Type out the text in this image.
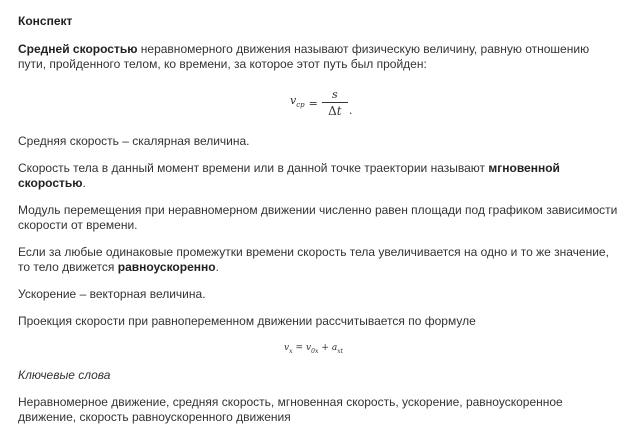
Конспект

Средней скоростью неравномерного движения называют физическую величину, равную отношению пути, пройденного телом, ко времени, за которое этот путь был пройден:

$v_{ср} = \frac{s}{\Delta t}$ .

Средняя скорость – скалярная величина.

Скорость тела в данный момент времени или в данной точке траектории называют мгновенной скоростью.

Модуль перемещения при неравномерном движении численно равен площади под графиком зависимости скорости от времени.

Если за любые одинаковые промежутки времени скорость тела увеличивается на одно и то же значение, то тело движется равноускоренно.

Ускорение – векторная величина.

Проекция скорости при равнопеременном движении рассчитывается по формуле

$v_x = v_{0x} + a_{xt}$

Ключевые слова

Неравномерное движение, средняя скорость, мгновенная скорость, ускорение, равноускоренное движение, скорость равноускоренного движения
